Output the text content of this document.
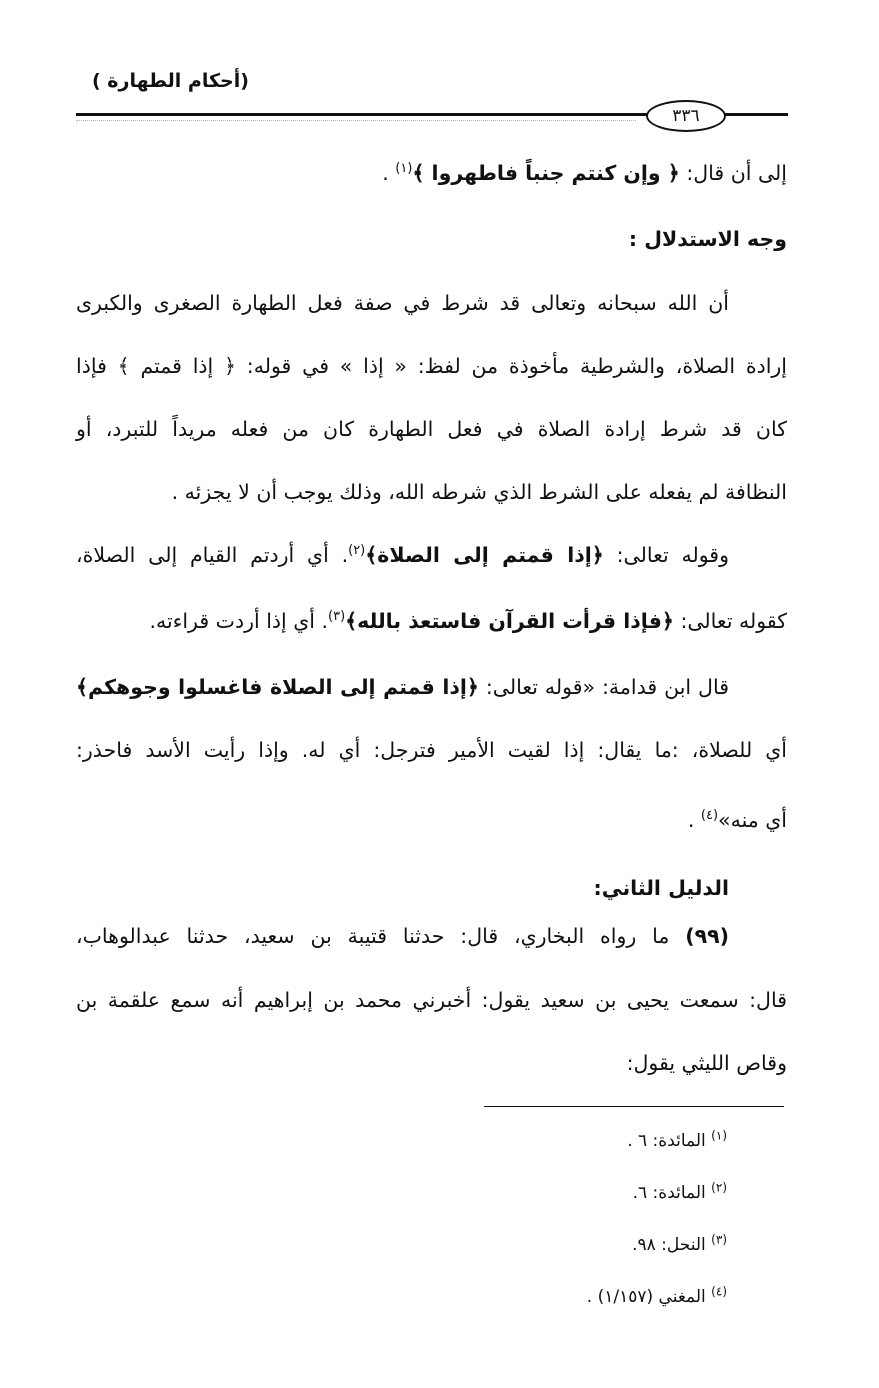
(أحكام الطهارة )
٣٣٦
إلى أن قال: ﴿ وإن كنتم جنباً فاطهروا ﴾$^{(١)}$ .
وجه الاستدلال :
أن الله سبحانه وتعالى قد شرط في صفة فعل الطهارة الصغرى والكبرى
إرادة الصلاة، والشرطية مأخوذة من لفظ: « إذا » في قوله: ﴿ إذا قمتم ﴾ فإذا
كان قد شرط إرادة الصلاة في فعل الطهارة كان من فعله مريداً للتبرد، أو
النظافة لم يفعله على الشرط الذي شرطه الله، وذلك يوجب أن لا يجزئه .
وقوله تعالى: ﴿إذا قمتم إلى الصلاة﴾$^{(٢)}$. أي أردتم القيام إلى الصلاة،
كقوله تعالى: ﴿فإذا قرأت القرآن فاستعذ بالله﴾$^{(٣)}$. أي إذا أردت قراءته.
قال ابن قدامة: «قوله تعالى: ﴿إذا قمتم إلى الصلاة فاغسلوا وجوهكم﴾
أي للصلاة، :ما يقال: إذا لقيت الأمير فترجل: أي له. وإذا رأيت الأسد فاحذر:
أي منه»$^{(٤)}$ .
الدليل الثاني:
(٩٩) ما رواه البخاري، قال: حدثنا قتيبة بن سعيد، حدثنا عبدالوهاب،
قال: سمعت يحيى بن سعيد يقول: أخبرني محمد بن إبراهيم أنه سمع علقمة بن
وقاص الليثي يقول:
$^{(١)}$ المائدة: ٦ .
$^{(٢)}$ المائدة: ٦.
$^{(٣)}$ النحل: ٩٨.
$^{(٤)}$ المغني (١/١٥٧) .
